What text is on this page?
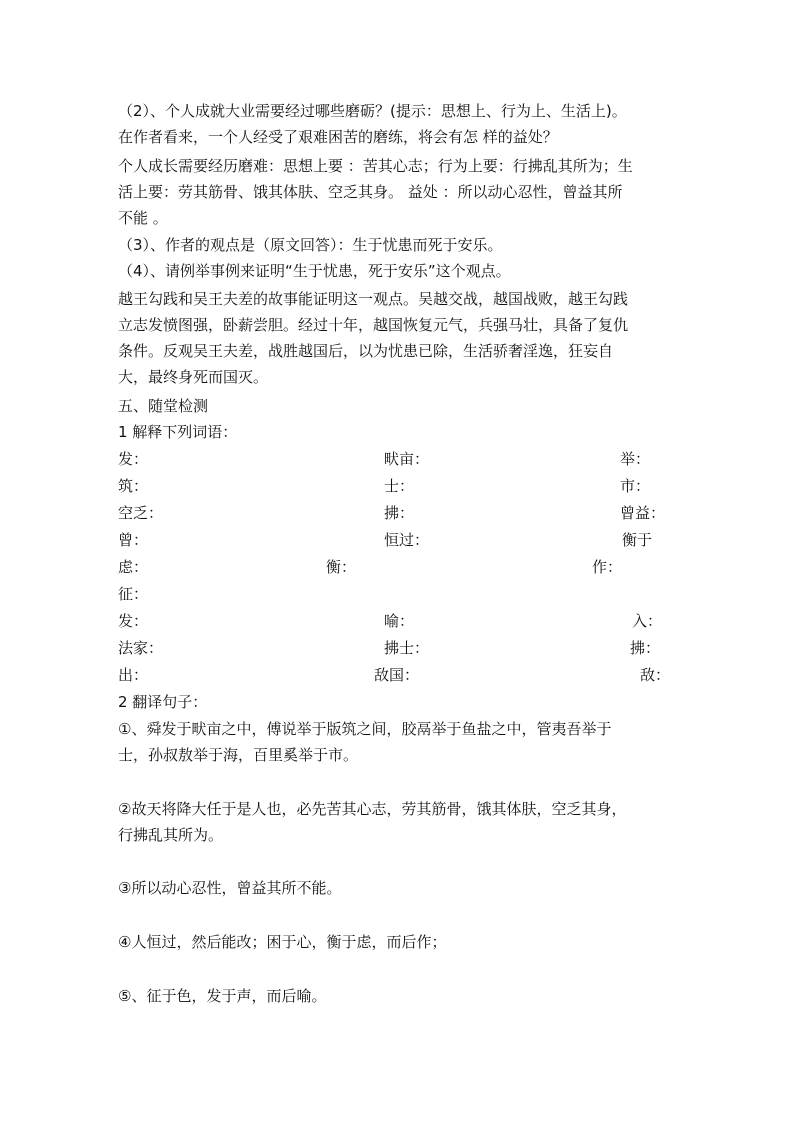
（2）、个人成就大业需要经过哪些磨砺？(提示：思想上、行为上、生活上)。
在作者看来，一个人经受了艰难困苦的磨练，将会有怎 样的益处？
个人成长需要经历磨难：思想上要 ：苦其心志；行为上要：行拂乱其所为；生
活上要：劳其筋骨、饿其体肤、空乏其身。 益处 ：所以动心忍性，曾益其所
不能 。
（3）、作者的观点是（原文回答）：生于忧患而死于安乐。
（4）、请例举事例来证明“生于忧患，死于安乐”这个观点。
越王勾践和吴王夫差的故事能证明这一观点。吴越交战，越国战败，越王勾践
立志发愤图强，卧薪尝胆。经过十年，越国恢复元气，兵强马壮，具备了复仇
条件。反观吴王夫差，战胜越国后，以为忧患已除，生活骄奢淫逸，狂妄自
大，最终身死而国灭。
五、随堂检测
1 解释下列词语：
发：	畎亩：	举：
筑：	士：	市：
空乏：	拂：	曾益：
曾：	恒过：	衡于
虑：	衡：	作：
征：
发：	喻：	入：
法家：	拂士：	拂：
出：	敌国：	敌：
2 翻译句子：
①、舜发于畎亩之中，傅说举于版筑之间，胶鬲举于鱼盐之中，管夷吾举于
士，孙叔敖举于海，百里奚举于市。
②故天将降大任于是人也，必先苦其心志，劳其筋骨，饿其体肤，空乏其身，
行拂乱其所为。
③所以动心忍性，曾益其所不能。
④人恒过，然后能改；困于心，衡于虑，而后作；
⑤、征于色，发于声，而后喻。
